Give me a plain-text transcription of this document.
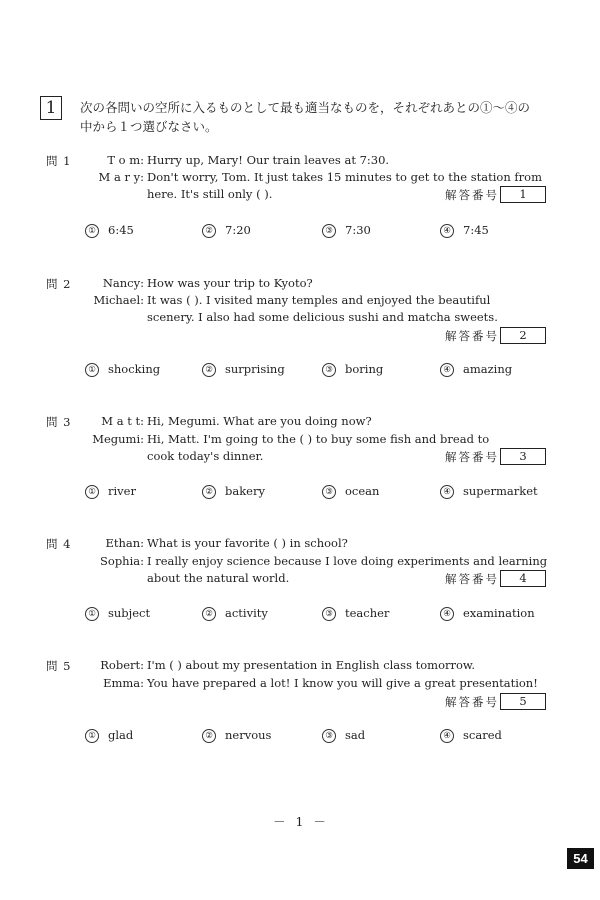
1	次の各問いの空所に入るものとして最も適当なものを，それぞれあとの①～④の
中から１つ選びなさい。
問 1	T o m: Hurry up, Mary! Our train leaves at 7:30.
M a r y: Don't worry, Tom. It just takes 15 minutes to get to the station from
here. It's still only ( ).	解答番号	1
① 6:45	② 7:20	③ 7:30	④ 7:45
問 2	Nancy: How was your trip to Kyoto?
Michael: It was ( ). I visited many temples and enjoyed the beautiful
scenery. I also had some delicious sushi and matcha sweets.
解答番号	2
① shocking	② surprising	③ boring	④ amazing
問 3	M a t t: Hi, Megumi. What are you doing now?
Megumi: Hi, Matt. I'm going to the ( ) to buy some fish and bread to
cook today's dinner.	解答番号	3
① river	② bakery	③ ocean	④ supermarket
問 4	Ethan: What is your favorite ( ) in school?
Sophia: I really enjoy science because I love doing experiments and learning
about the natural world.	解答番号	4
① subject	② activity	③ teacher	④ examination
問 5	Robert: I'm ( ) about my presentation in English class tomorrow.
Emma: You have prepared a lot! I know you will give a great presentation!
解答番号	5
① glad	② nervous	③ sad	④ scared
－ 1 －
54
